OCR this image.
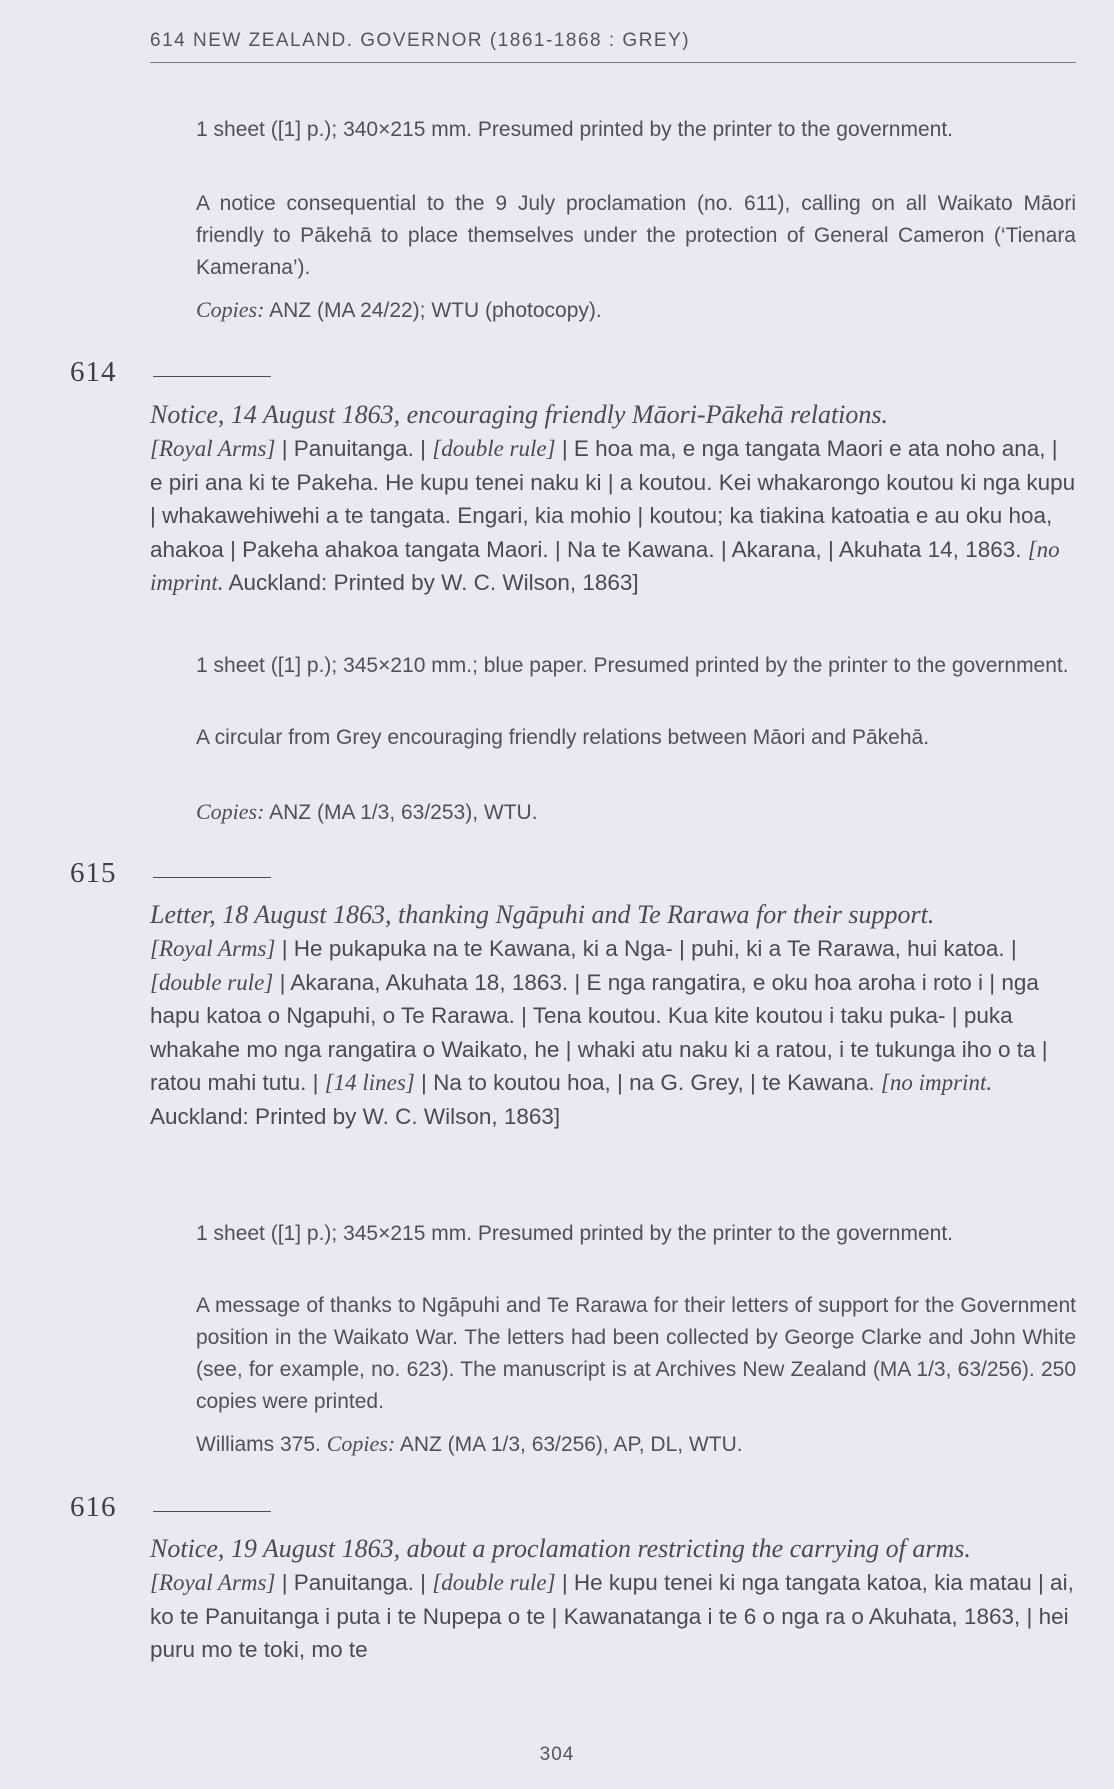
614 NEW ZEALAND. GOVERNOR (1861-1868 : GREY)
1 sheet ([1] p.); 340×215 mm. Presumed printed by the printer to the government.
A notice consequential to the 9 July proclamation (no. 611), calling on all Waikato Māori friendly to Pākehā to place themselves under the protection of General Cameron (‘Tienara Kamerana’).
Copies: ANZ (MA 24/22); WTU (photocopy).
614
Notice, 14 August 1863, encouraging friendly Māori-Pākehā relations.
[Royal Arms] | Panuitanga. | [double rule] | E hoa ma, e nga tangata Maori e ata noho ana, | e piri ana ki te Pakeha. He kupu tenei naku ki | a koutou. Kei whakarongo koutou ki nga kupu | whakawehiwehi a te tangata. Engari, kia mohio | koutou; ka tiakina katoatia e au oku hoa, ahakoa | Pakeha ahakoa tangata Maori. | Na te Kawana. | Akarana, | Akuhata 14, 1863. [no imprint. Auckland: Printed by W. C. Wilson, 1863]
1 sheet ([1] p.); 345×210 mm.; blue paper. Presumed printed by the printer to the government.
A circular from Grey encouraging friendly relations between Māori and Pākehā.
Copies: ANZ (MA 1/3, 63/253), WTU.
615
Letter, 18 August 1863, thanking Ngāpuhi and Te Rarawa for their support.
[Royal Arms] | He pukapuka na te Kawana, ki a Nga- | puhi, ki a Te Rarawa, hui katoa. | [double rule] | Akarana, Akuhata 18, 1863. | E nga rangatira, e oku hoa aroha i roto i | nga hapu katoa o Ngapuhi, o Te Rarawa. | Tena koutou. Kua kite koutou i taku puka- | puka whakahe mo nga rangatira o Waikato, he | whaki atu naku ki a ratou, i te tukunga iho o ta | ratou mahi tutu. | [14 lines] | Na to koutou hoa, | na G. Grey, | te Kawana. [no imprint. Auckland: Printed by W. C. Wilson, 1863]
1 sheet ([1] p.); 345×215 mm. Presumed printed by the printer to the government.
A message of thanks to Ngāpuhi and Te Rarawa for their letters of support for the Government position in the Waikato War. The letters had been collected by George Clarke and John White (see, for example, no. 623). The manuscript is at Archives New Zealand (MA 1/3, 63/256). 250 copies were printed.
Williams 375. Copies: ANZ (MA 1/3, 63/256), AP, DL, WTU.
616
Notice, 19 August 1863, about a proclamation restricting the carrying of arms.
[Royal Arms] | Panuitanga. | [double rule] | He kupu tenei ki nga tangata katoa, kia matau | ai, ko te Panuitanga i puta i te Nupepa o te | Kawanatanga i te 6 o nga ra o Akuhata, 1863, | hei puru mo te toki, mo te
304
